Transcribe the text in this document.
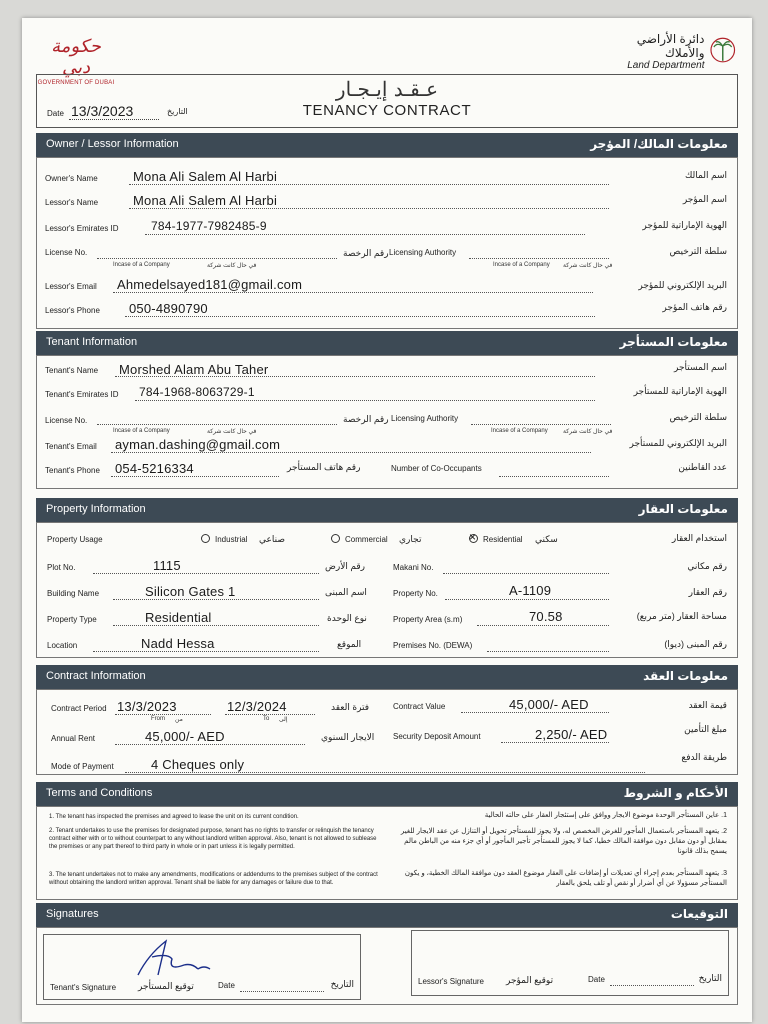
حكومة دبي
GOVERNMENT OF DUBAI
دائرة الأراضي والأملاك
Land Department
عـقـد إيـجـار
TENANCY CONTRACT
Date 13/3/2023	التاريخ
Owner / Lessor Information	معلومات المالك/ المؤجر
Owner's Name	Mona Ali Salem Al Harbi	اسم المالك
Lessor's Name	Mona Ali Salem Al Harbi	اسم المؤجر
Lessor's Emirates ID	784-1977-7982485-9	الهوية الإماراتية للمؤجر
License No.
Incase of a Company	في حال كانت شركة
رقم الرخصة Licensing Authority
Incase of a Company في حال كانت شركة
سلطة الترخيص
Lessor's Email Ahmedelsayed181@gmail.com	البريد الإلكتروني للمؤجر
Lessor's Phone 050-4890790	رقم هاتف المؤجر
Tenant Information	معلومات المستأجر
Tenant's Name Morshed Alam Abu Taher	اسم المستأجر
Tenant's Emirates ID 784-1968-8063729-1	الهوية الإماراتية للمستأجر
License No.
Incase of a Company	في حال كانت شركة
رقم الرخصة Licensing Authority
Incase of a Company	في حال كانت شركة
سلطة الترخيص
Tenant's Email ayman.dashing@gmail.com	البريد الإلكتروني للمستأجر
Tenant's Phone 054-5216334	رقم هاتف المستأجر	Number of Co-Occupants	عدد القاطنين
Property Information	معلومات العقار
Property Usage	Industrial صناعي	Commercial تجاري
×	Residential سكني	استخدام العقار
Plot No.	1115	رقم الأرض	Makani No.	رقم مكاني
Building Name	Silicon Gates 1	اسم المبنى	Property No.	A-1109	رقم العقار
Property Type	Residential	نوع الوحدة	Property Area (s.m)	70.58	مساحة العقار (متر مربع)
Location	Nadd Hessa	الموقع	Premises No. (DEWA)	رقم المبنى (ديوا)
Contract Information	معلومات العقد
Contract Period 13/3/2023
From من
12/3/2024
To إلى
فترة العقد	Contract Value	45,000/- AED	قيمة العقد
Annual Rent	45,000/- AED	الايجار السنوي Security Deposit Amount	2,250/- AED	مبلغ التأمين
Mode of Payment	4 Cheques only	طريقة الدفع
Terms and Conditions	الأحكام و الشروط
1. The tenant has inspected the premises and agreed to lease the unit on its current condition.
2. Tenant undertakes to use the premises for designated purpose, tenant has no rights to transfer or relinquish the tenancy contract either with or to without counterpart to any without landlord written approval. Also, tenant is not allowed to sublease the premises or any part thereof to third party in whole or in part unless it is legally permitted.
3. The tenant undertakes not to make any amendments, modifications or addendums to the premises subject of the contract without obtaining the landlord written approval. Tenant shall be liable for any damages or failure due to that.
1. عاين المستأجر الوحدة موضوع الايجار ووافق على إستئجار العقار على حالته الحالية
2. يتعهد المستأجر باستعمال المأجور للغرض المخصص له، ولا يجوز للمستأجر تحويل أو التنازل عن عقد الايجار للغير بمقابل أو دون مقابل دون موافقة المالك خطيا، كما لا يجوز للمستأجر تأجير المأجور أو أي جزء منه من الباطن مالم يسمح بذلك قانونا
3. يتعهد المستأجر بعدم إجراء أي تعديلات أو إضافات على العقار موضوع العقد دون موافقة المالك الخطية، و يكون المستأجر مسؤولا عن أي أضرار أو نقص أو تلف يلحق بالعقار
Signatures	التوقيعات
Tenant's Signature توقيع المستأجر	Date	التاريخ	Lessor's Signature توقيع المؤجر	Date	التاريخ
